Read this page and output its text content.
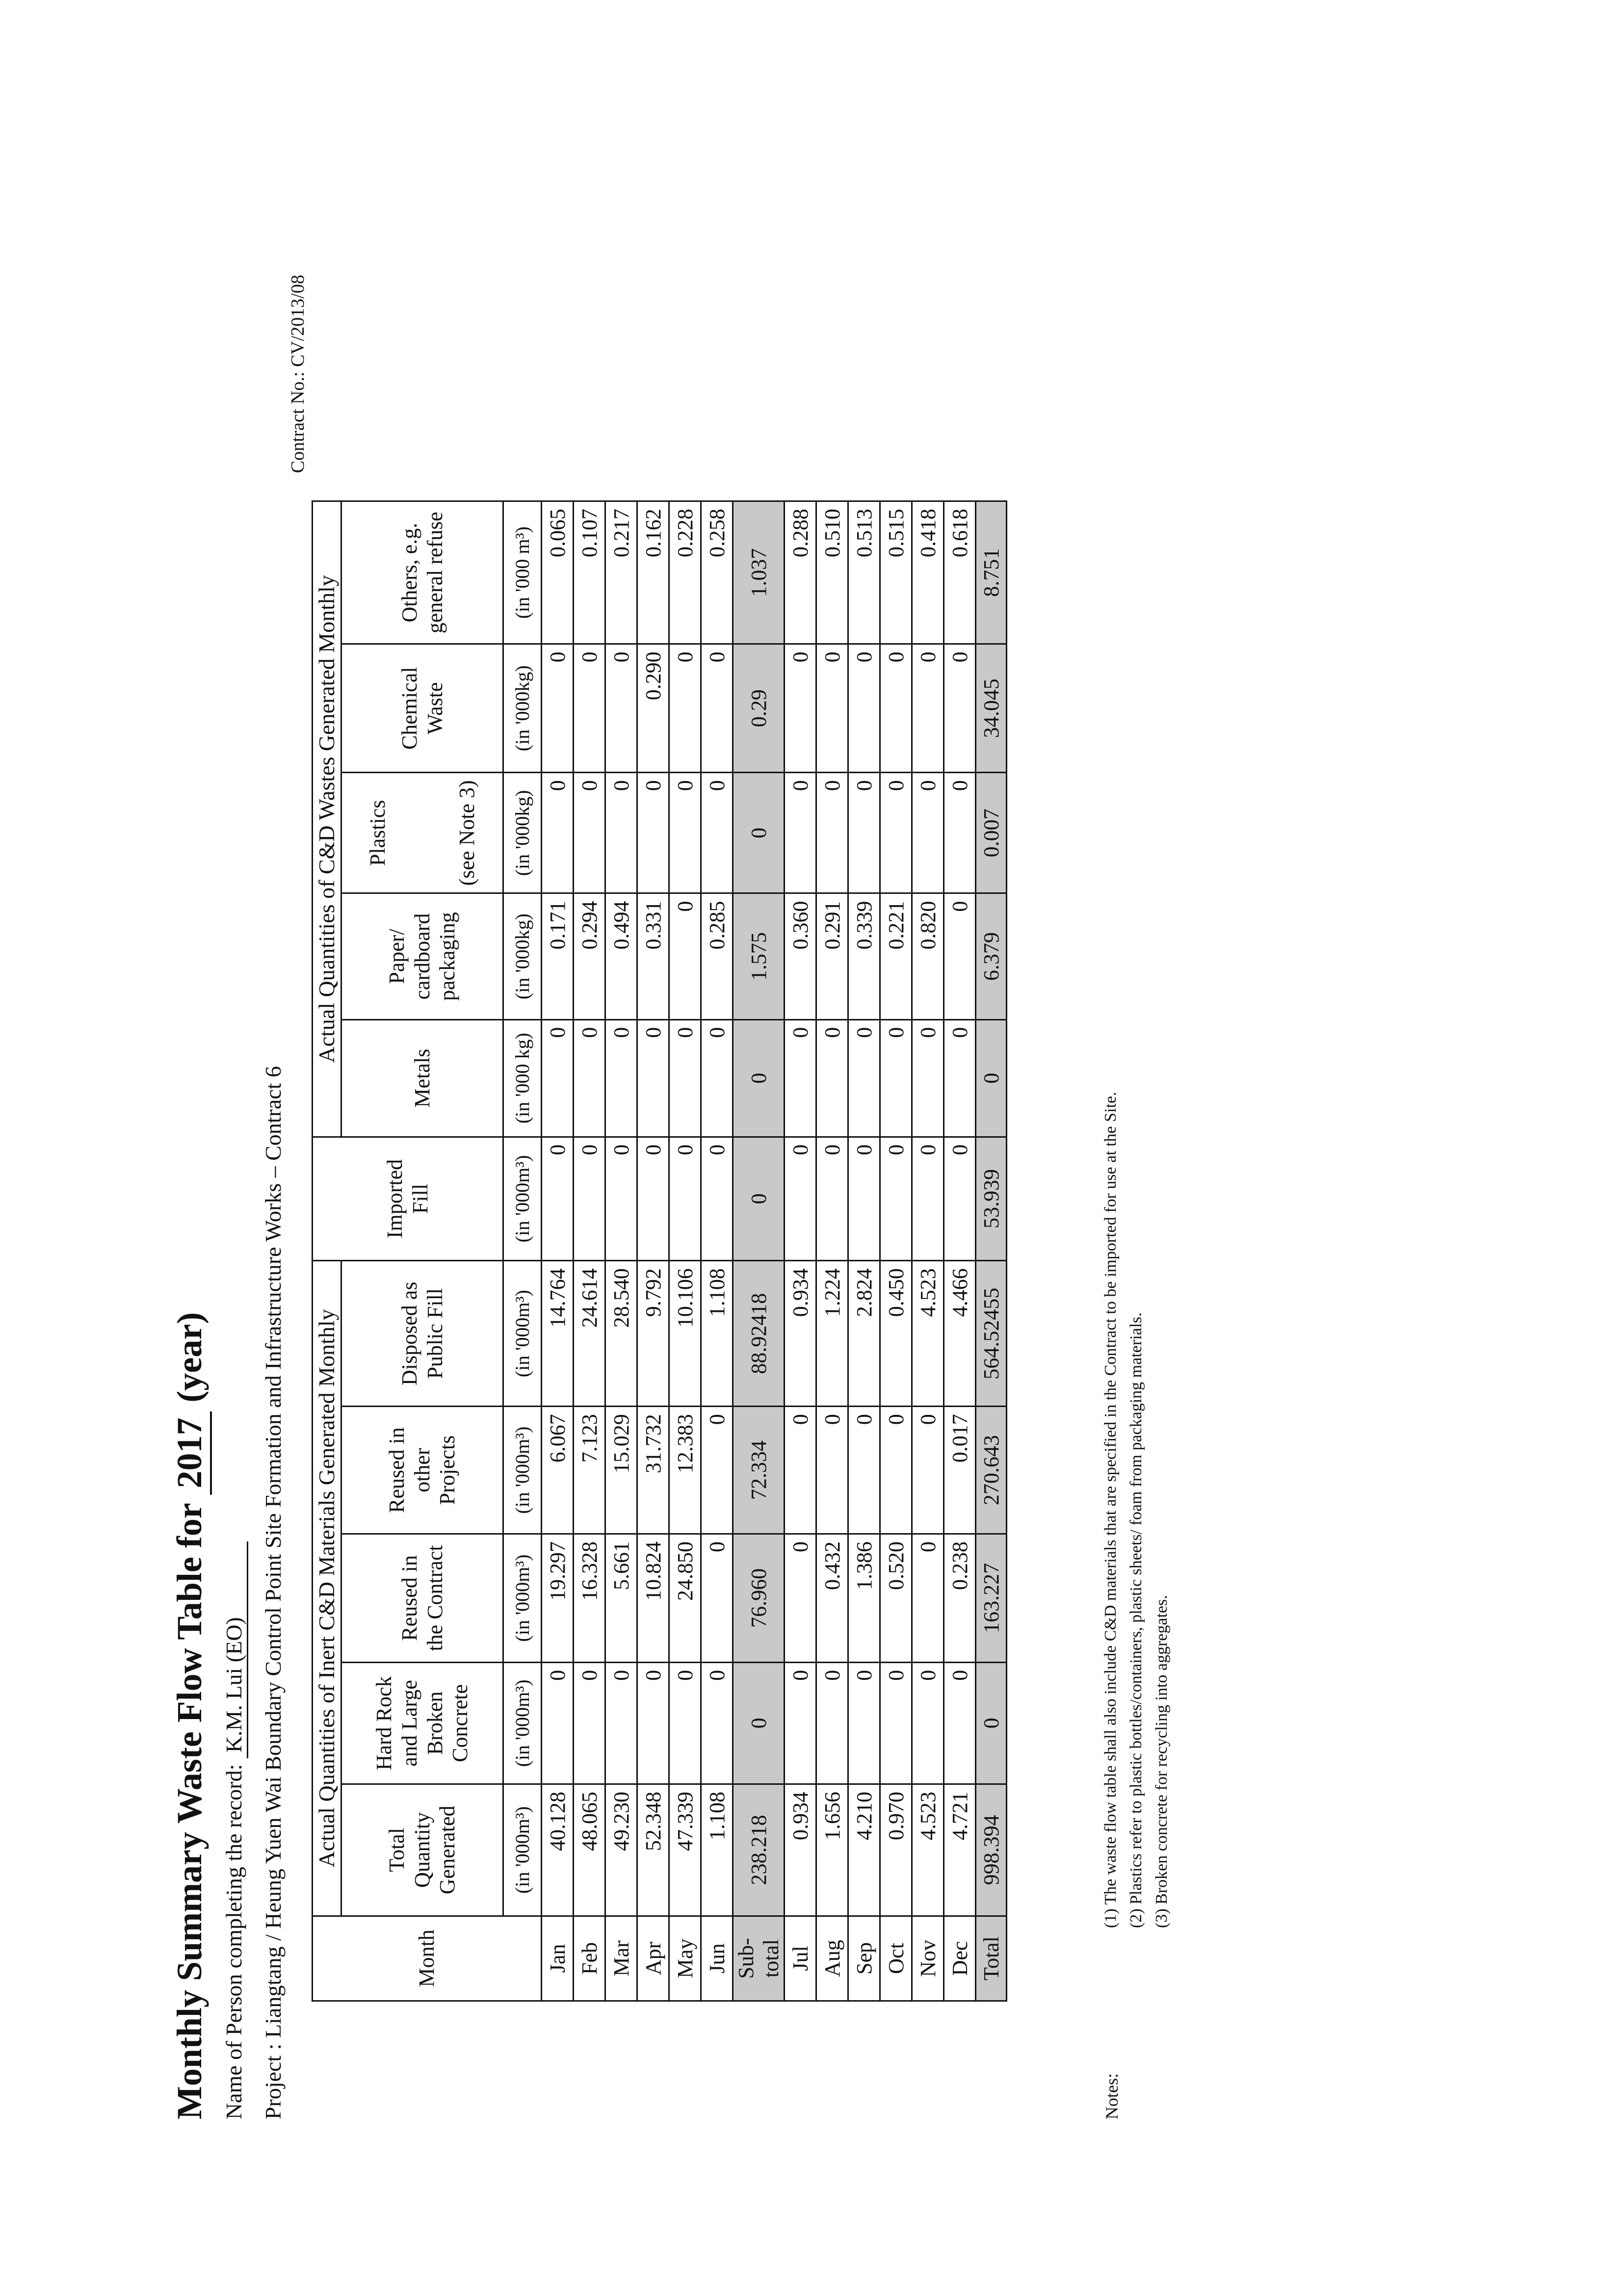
Monthly Summary Waste Flow Table for 2017 (year)
Name of Person completing the record: K.M. Lui (EO) Project : Liangtang / Heung Yuen Wai Boundary Control Point Site Formation and Infrastructure Works – Contract 6
Contract No.: CV/2013/08
Month	Actual Quantities of Inert C&D Materials Generated Monthly					Imported Fill	Actual Quantities of C&D Wastes Generated Monthly				
	Total Quantity Generated	Hard Rock and Large Broken Concrete	Reused in the Contract	Reused in other Projects	Disposed as Public Fill		Metals	Paper/ cardboard packaging	Plastics (see Note 3)	Chemical Waste	Others, e.g. general refuse
	(in '000m³)	(in '000m³)	(in '000m³)	(in '000m³)	(in '000m³)	(in '000m³)	(in '000 kg)	(in '000kg)	(in '000kg)	(in '000kg)	(in '000 m³)
Jan	40.128	0	19.297	6.067	14.764	0	0	0.171	0	0	0.065
Feb	48.065	0	16.328	7.123	24.614	0	0	0.294	0	0	0.107
Mar	49.230	0	5.661	15.029	28.540	0	0	0.494	0	0	0.217
Apr	52.348	0	10.824	31.732	9.792	0	0	0.331	0	0.290	0.162
May	47.339	0	24.850	12.383	10.106	0	0	0	0	0	0.228
Jun	1.108	0	0	0	1.108	0	0	0.285	0	0	0.258
Sub-total	238.218	0	76.960	72.334	88.92418	0	0	1.575	0	0.29	1.037
Jul	0.934	0	0	0	0.934	0	0	0.360	0	0	0.288
Aug	1.656	0	0.432	0	1.224	0	0	0.291	0	0	0.510
Sep	4.210	0	1.386	0	2.824	0	0	0.339	0	0	0.513
Oct	0.970	0	0.520	0	0.450	0	0	0.221	0	0	0.515
Nov	4.523	0	0	0	4.523	0	0	0.820	0	0	0.418
Dec	4.721	0	0.238	0.017	4.466	0	0	0	0	0	0.618
Total	998.394	0	163.227	270.643	564.52455	53.939	0	6.379	0.007	34.045	8.751
Notes:
(1) The waste flow table shall also include C&D materials that are specified in the Contract to be imported for use at the Site. (2) Plastics refer to plastic bottles/containers, plastic sheets/ foam from packaging materials. (3) Broken concrete for recycling into aggregates.
